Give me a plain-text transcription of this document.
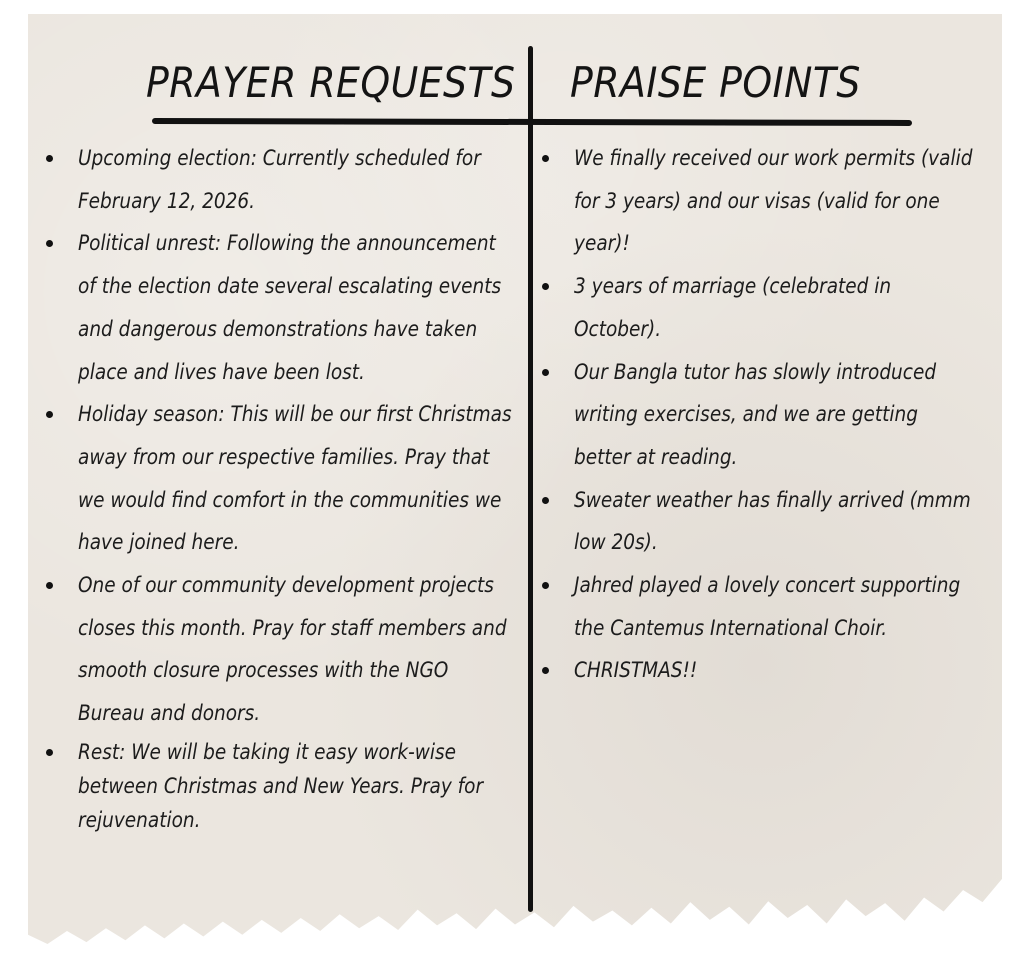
PRAYER REQUESTS PRAISE POINTS
Upcoming election: Currently scheduled for February 12, 2026.
Political unrest: Following the announcement of the election date several escalating events and dangerous demonstrations have taken place and lives have been lost.
Holiday season: This will be our first Christmas away from our respective families. Pray that we would find comfort in the communities we have joined here.
One of our community development projects closes this month. Pray for staff members and smooth closure processes with the NGO Bureau and donors.
Rest: We will be taking it easy work-wise between Christmas and New Years. Pray for rejuvenation.
We finally received our work permits (valid for 3 years) and our visas (valid for one year)!
3 years of marriage (celebrated in October).
Our Bangla tutor has slowly introduced writing exercises, and we are getting better at reading.
Sweater weather has finally arrived (mmm low 20s).
Jahred played a lovely concert supporting the Cantemus International Choir.
CHRISTMAS!!
